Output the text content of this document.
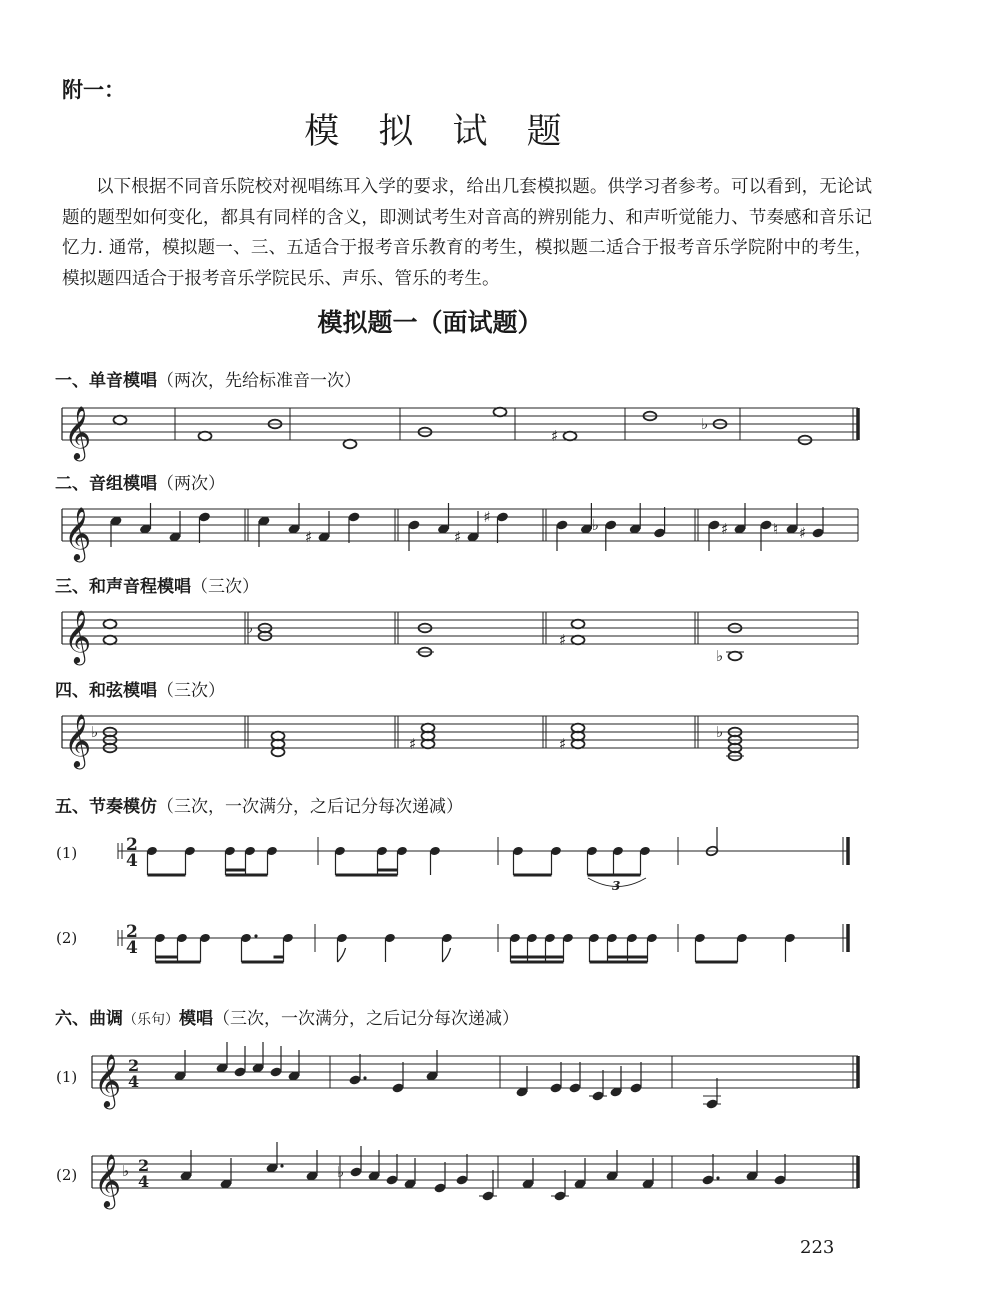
附一：
模 拟 试 题
以下根据不同音乐院校对视唱练耳入学的要求，给出几套模拟题。供学习者参考。可以看到，无论试题的题型如何变化，都具有同样的含义，即测试考生对音高的辨别能力、和声听觉能力、节奏感和音乐记忆力. 通常，模拟题一、三、五适合于报考音乐教育的考生，模拟题二适合于报考音乐学院附中的考生，模拟题四适合于报考音乐学院民乐、声乐、管乐的考生。
模拟题一（面试题）
一、单音模唱（两次，先给标准音一次）
𝄞	♯
♭
二、音组模唱（两次）
𝄞	♯	♯
♯	♭	♯	♮ ♯
三、和声音程模唱（三次）
𝄞	♭
♯
♭
四、和弦模唱（三次）
𝄞 ♭
♯	♯
♭
五、节奏模仿（三次，一次满分，之后记分每次递减）
(1)
(2)
2
4
3
2
4
六、曲调（乐句）模唱（三次，一次满分，之后记分每次递减）
(1)
(2)
𝄞 2
4
𝄞 ♭ 2
4	♭
223
